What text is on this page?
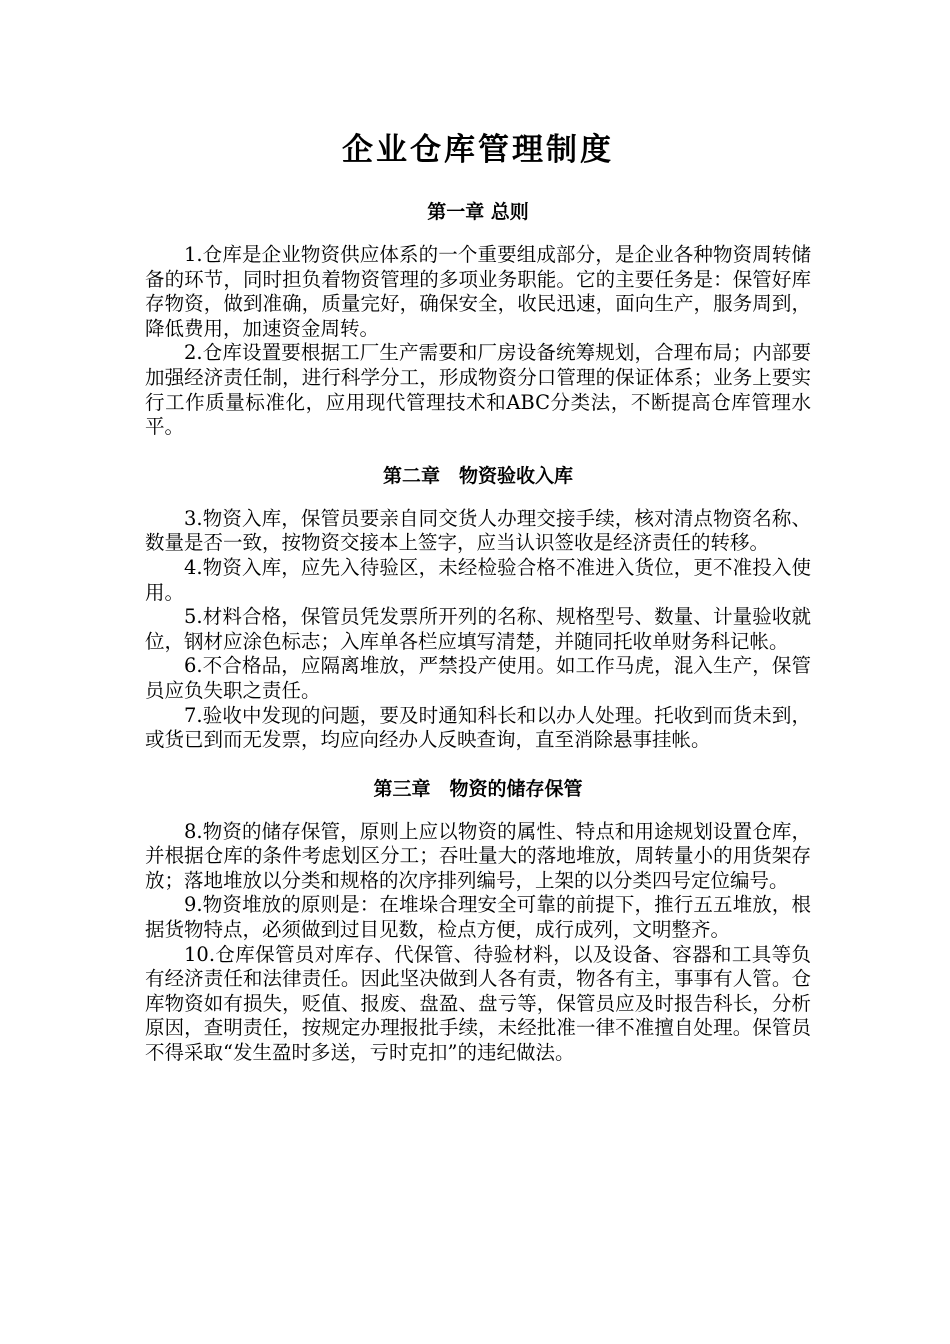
企业仓库管理制度
第一章 总则

1.仓库是企业物资供应体系的一个重要组成部分，是企业各种物资周转储备的环节，同时担负着物资管理的多项业务职能。它的主要任务是：保管好库存物资，做到准确，质量完好，确保安全，收民迅速，面向生产，服务周到，降低费用，加速资金周转。

2.仓库设置要根据工厂生产需要和厂房设备统筹规划，合理布局；内部要加强经济责任制，进行科学分工，形成物资分口管理的保证体系；业务上要实行工作质量标准化，应用现代管理技术和ABC分类法，不断提高仓库管理水平。

第二章　物资验收入库

3.物资入库，保管员要亲自同交货人办理交接手续，核对清点物资名称、数量是否一致，按物资交接本上签字，应当认识签收是经济责任的转移。

4.物资入库，应先入待验区，未经检验合格不准进入货位，更不准投入使用。

5.材料合格，保管员凭发票所开列的名称、规格型号、数量、计量验收就位，钢材应涂色标志；入库单各栏应填写清楚，并随同托收单财务科记帐。

6.不合格品，应隔离堆放，严禁投产使用。如工作马虎，混入生产，保管员应负失职之责任。

7.验收中发现的问题，要及时通知科长和以办人处理。托收到而货未到，或货已到而无发票，均应向经办人反映查询，直至消除悬事挂帐。

第三章　物资的储存保管

8.物资的储存保管，原则上应以物资的属性、特点和用途规划设置仓库，并根据仓库的条件考虑划区分工；吞吐量大的落地堆放，周转量小的用货架存放；落地堆放以分类和规格的次序排列编号，上架的以分类四号定位编号。

9.物资堆放的原则是：在堆垛合理安全可靠的前提下，推行五五堆放，根据货物特点，必须做到过目见数，检点方便，成行成列，文明整齐。

10.仓库保管员对库存、代保管、待验材料，以及设备、容器和工具等负有经济责任和法律责任。因此坚决做到人各有责，物各有主，事事有人管。仓库物资如有损失，贬值、报废、盘盈、盘亏等，保管员应及时报告科长，分析原因，查明责任，按规定办理报批手续，未经批准一律不准擅自处理。保管员不得采取“发生盈时多送，亏时克扣”的违纪做法。
